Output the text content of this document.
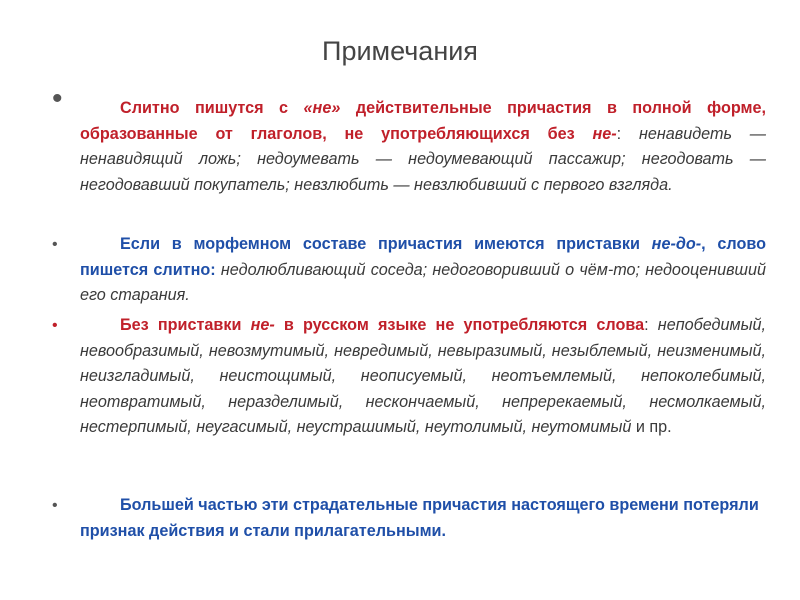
Примечания
•	Слитно пишутся с «не» действительные причастия в полной форме, образованные от глаголов, не употребляющихся без не-: ненавидеть — ненавидящий ложь; недоумевать — недоумевающий пассажир; негодовать — негодовавший покупатель; невзлюбить — невзлюбивший с первого взгляда.
•	Если в морфемном составе причастия имеются приставки не-до-, слово пишется слитно: недолюбливающий соседа; недоговоривший о чём-то; недооценивший его старания.
•	Без приставки не- в русском языке не употребляются слова: непобедимый, невообразимый, невозмутимый, невредимый, невыразимый, незыблемый, неизменимый, неизгладимый, неистощимый, неописуемый, неотъемлемый, непоколебимый, неотвратимый, неразделимый, нескончаемый, непререкаемый, несмолкаемый, нестерпимый, неугасимый, неустрашимый, неутолимый, неутомимый и пр.
•	Большей частью эти страдательные причастия настоящего времени потеряли признак действия и стали прилагательными.
